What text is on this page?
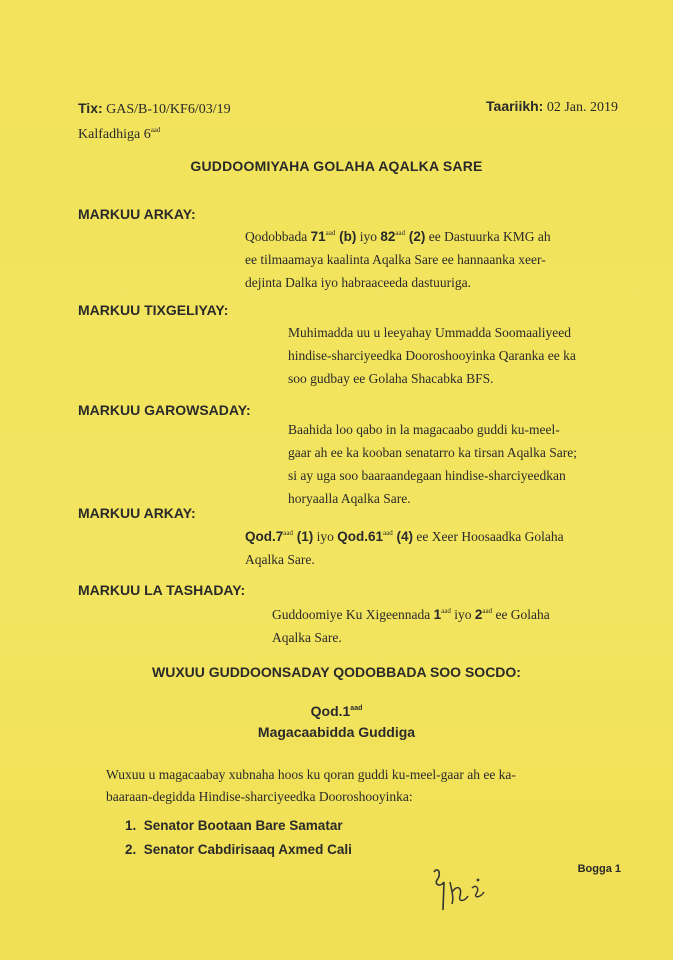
Tix: GAS/B-10/KF6/03/19
Kalfadhiga $6^{aad}$
Taariikh: 02 Jan. 2019
GUDDOOMIYAHA GOLAHA AQALKA SARE
MARKUU ARKAY:
Qodobbada $71^{aad}$ (b) iyo $82^{aad}$ (2) ee Dastuurka KMG ah
ee tilmaamaya kaalinta Aqalka Sare ee hannaanka xeer-
dejinta Dalka iyo habraaceeda dastuuriga.
MARKUU TIXGELIYAY:
Muhimadda uu u leeyahay Ummadda Soomaaliyeed
hindise-sharciyeedka Dooroshooyinka Qaranka ee ka
soo gudbay ee Golaha Shacabka BFS.
MARKUU GAROWSADAY:
Baahida loo qabo in la magacaabo guddi ku-meel-
gaar ah ee ka kooban senatarro ka tirsan Aqalka Sare;
si ay uga soo baaraandegaan hindise-sharciyeedkan
horyaalla Aqalka Sare.
MARKUU ARKAY:
Qod.7$^{aad}$ (1) iyo Qod.61$^{aad}$ (4) ee Xeer Hoosaadka Golaha
Aqalka Sare.
MARKUU LA TASHADAY:
Guddoomiye Ku Xigeennada $1^{aad}$ iyo $2^{aad}$ ee Golaha
Aqalka Sare.
WUXUU GUDDOONSADAY QODOBBADA SOO SOCDO:
Qod.1$^{aad}$
Magacaabidda Guddiga
Wuxuu u magacaabay xubnaha hoos ku qoran guddi ku-meel-gaar ah ee ka-
baaraan-degidda Hindise-sharciyeedka Dooroshooyinka:
1.  Senator Bootaan Bare Samatar
2.  Senator Cabdirisaaq Axmed Cali
Bogga 1
